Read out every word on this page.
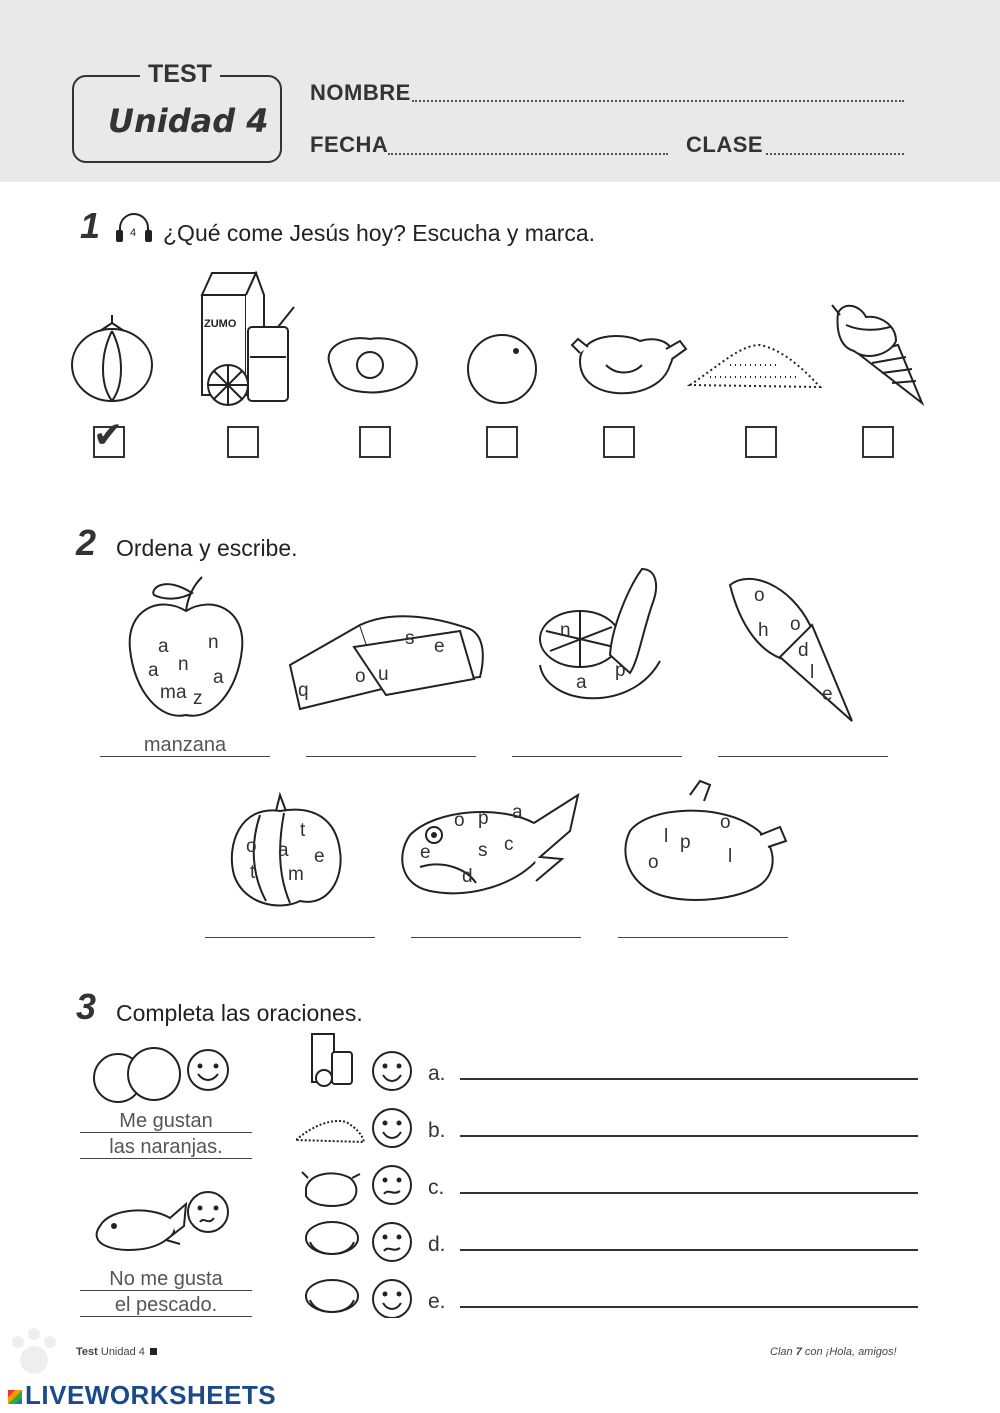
TEST
Unidad 4
NOMBRE
FECHA	CLASE
1	4 ¿Qué come Jesús hoy? Escucha y marca.
ZUMO
✔
2 Ordena y escribe.
a n
a n
a
m z
a
s e
q
o u
n
a
p
o
h o
d
l
e
manzana
t
o a e
t m
o p a
e s c
d
o
l p
o	l
3 Completa las oraciones.
Me gustan
las naranjas.
No me gusta
el pescado.
a.
b.
c.
d.
e.
Test Unidad 4	Clan 7 con ¡Hola, amigos!
LIVEWORKSHEETS
